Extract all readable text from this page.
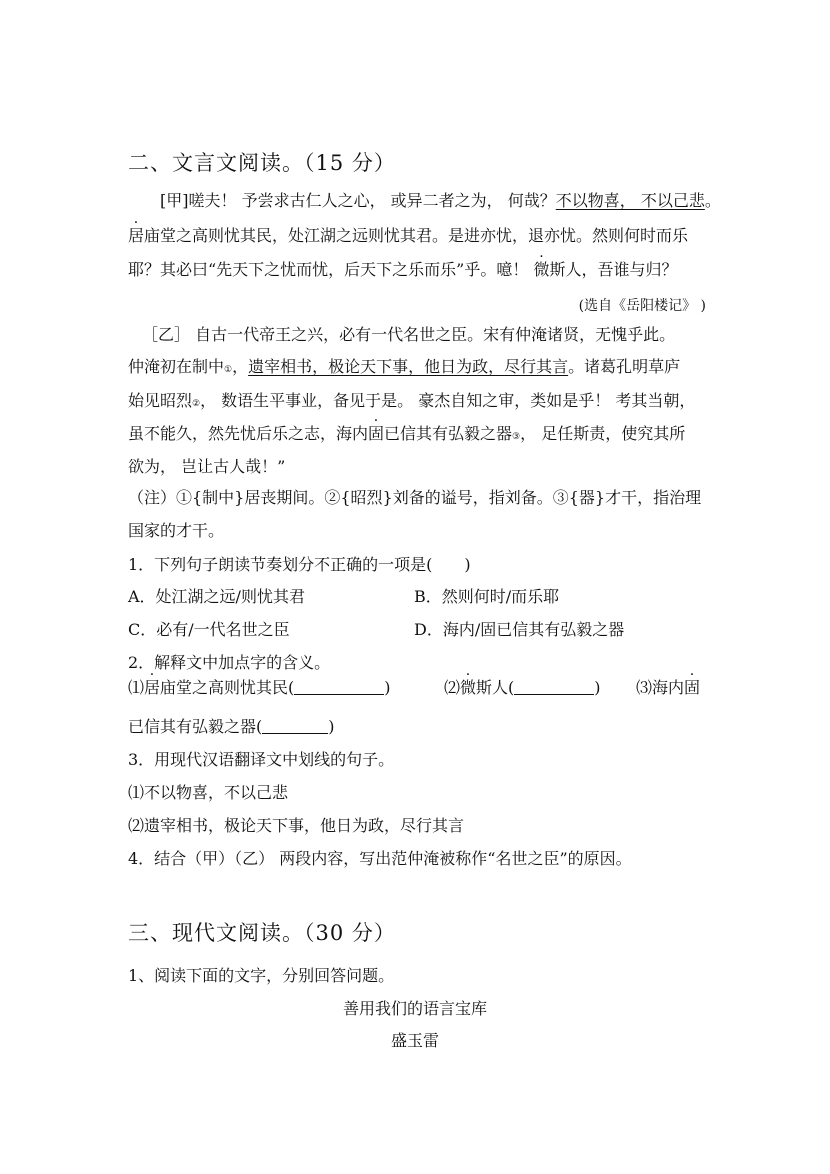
二、文言文阅读。（15 分）
[甲]嗟夫！ 予尝求古仁人之心， 或异二者之为， 何哉？不以物喜， 不以己悲。
居庙堂之高则忧其民，处江湖之远则忧其君。是进亦忧，退亦忧。然则何时而乐
耶？其必曰“先天下之忧而忧，后天下之乐而乐”乎。噫！ 微斯人，吾谁与归？
(选自《岳阳楼记》 )
［乙］ 自古一代帝王之兴，必有一代名世之臣。宋有仲淹诸贤，无愧乎此。
仲淹初在制中①，遗宰相书，极论天下事，他日为政，尽行其言。诸葛孔明草庐
始见昭烈②， 数语生平事业，备见于是。 豪杰自知之审，类如是乎！ 考其当朝，
虽不能久，然先忧后乐之志，海内固已信其有弘毅之器③， 足任斯责，使究其所
欲为， 岂让古人哉！”
（注）①{制中}居丧期间。②{昭烈}刘备的谥号，指刘备。③{器}才干，指治理
国家的才干。
1．下列句子朗读节奏划分不正确的一项是(　　)
A．处江湖之远/则忧其君	B．然则何时/而乐耶
C．必有/一代名世之臣	D．海内/固已信其有弘毅之器
2．解释文中加点字的含义。
⑴居庙堂之高则忧其民(	)	⑵微斯人(	) ⑶海内固
已信其有弘毅之器(	)
3．用现代汉语翻译文中划线的句子。
⑴不以物喜，不以己悲
⑵遗宰相书，极论天下事，他日为政，尽行其言
4．结合（甲）（乙） 两段内容，写出范仲淹被称作“名世之臣”的原因。
三、现代文阅读。（30 分）
1、阅读下面的文字，分别回答问题。
善用我们的语言宝库
盛玉雷
